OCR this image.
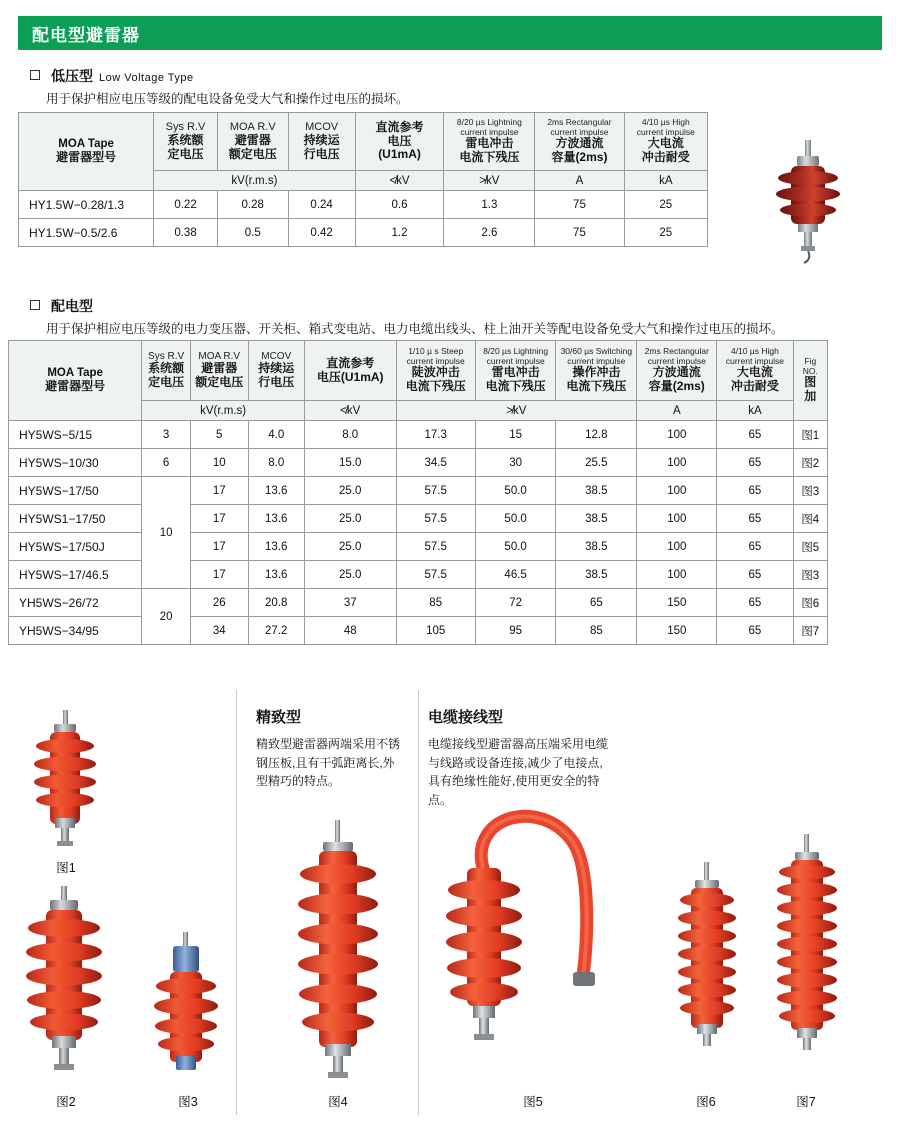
配电型避雷器
低压型 Low Voltage Type
用于保护相应电压等级的配电设备免受大气和操作过电压的损坏。
MOA Tape
避雷器型号	Sys R.V
系统额
定电压	MOA R.V
避雷器
额定电压	MCOV
持续运
行电压	直流参考
电压
(U1mA)	8/20 µs Lightning current impulse
雷电冲击
电流下残压	2ms Rectangular current impulse
方波通流
容量(2ms)	4/10 µs High current impulse
大电流
冲击耐受

	kV(r.m.s)			≮kV	≯kV	A	kA
HY1.5W−0.28/1.3	0.22	0.28	0.24	0.6	1.3	75	25
HY1.5W−0.5/2.6	0.38	0.5	0.42	1.2	2.6	75	25
配电型
用于保护相应电压等级的电力变压器、开关柜、箱式变电站、电力电缆出线头、柱上油开关等配电设备免受大气和操作过电压的损坏。
MOA Tape
避雷器型号	Sys R.V
系统额
定电压	MOA R.V
避雷器
额定电压	MCOV
持续运
行电压	直流参考
电压(U1mA)	1/10 µ s Steep current impulse
陡波冲击
电流下残压	8/20 µs Lightning current impulse
雷电冲击
电流下残压	30/60 µs Switching current impulse
操作冲击
电流下残压	2ms Rectangular current impulse
方波通流
容量(2ms)	4/10 µs High current impulse
大电流
冲击耐受	Fig NO.
图
加

	kV(r.m.s)			≮kV	≯kV			A	kA	
HY5WS−5/15	3	5	4.0	8.0	17.3	15	12.8	100	65	图1
HY5WS−10/30	6	10	8.0	15.0	34.5	30	25.5	100	65	图2
HY5WS−17/50	10	17	13.6	25.0	57.5	50.0	38.5	100	65	图3
HY5WS1−17/50		17	13.6	25.0	57.5	50.0	38.5	100	65	图4
HY5WS−17/50J		17	13.6	25.0	57.5	50.0	38.5	100	65	图5
HY5WS−17/46.5		17	13.6	25.0	57.5	46.5	38.5	100	65	图3
YH5WS−26/72	20	26	20.8	37	85	72	65	150	65	图6
YH5WS−34/95		34	27.2	48	105	95	85	150	65	图7
图1
图2	图3
精致型
精致型避雷器两端采用不锈钢压板,且有干弧距离长,外型精巧的特点。
图4
电缆接线型
电缆接线型避雷器高压端采用电缆与线路或设备连接,减少了电接点,具有绝缘性能好,使用更安全的特点。
图5	图6	图7
